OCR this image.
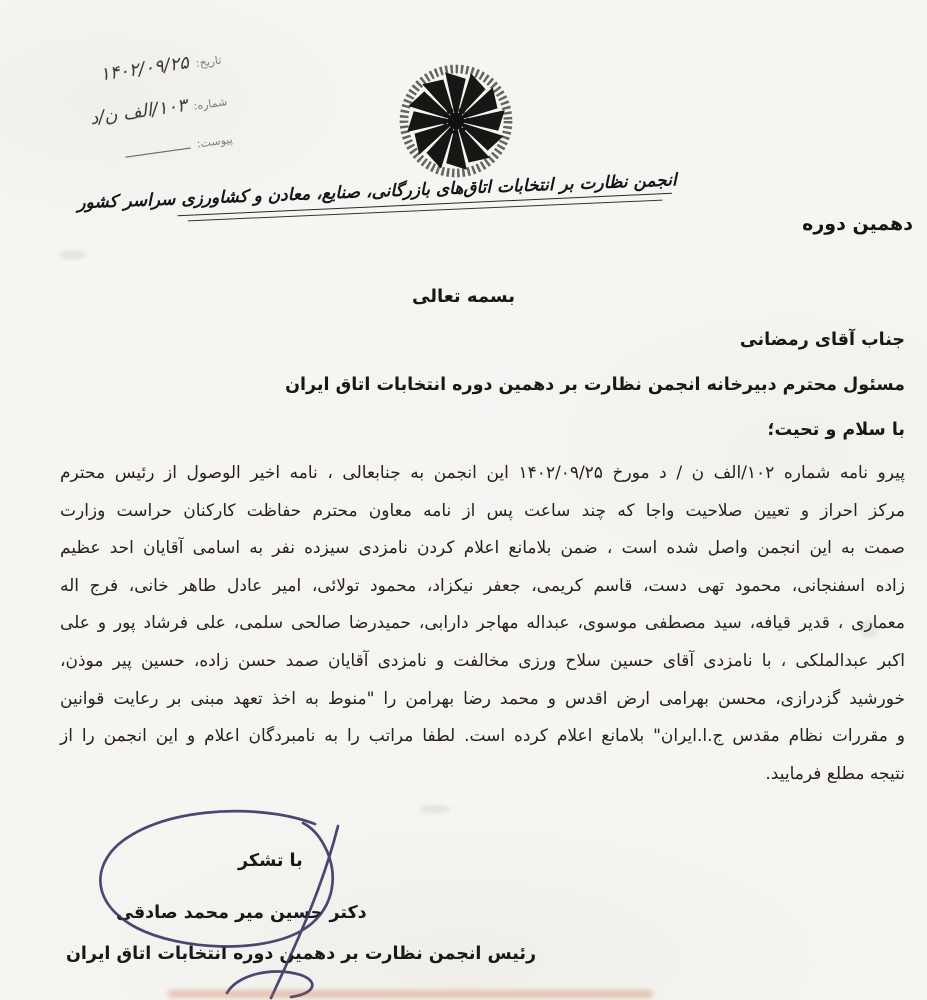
تاریخ:
۱۴۰۲/۰۹/۲۵
شماره:
۱۰۳/الف ن/د
پیوست:
ــــــــــــــــ
انجمن نظارت بر انتخابات اتاق‌های بازرگانی، صنایع، معادن و کشاورزی سراسر کشور
دهمین دوره
بسمه تعالی
جناب آقای رمضانی
مسئول محترم دبیرخانه انجمن نظارت بر دهمین دوره انتخابات اتاق ایران
با سلام و تحیت؛
پیرو نامه شماره ۱۰۲/الف ن / د مورخ ۱۴۰۲/۰۹/۲۵ این انجمن به جنابعالی ، نامه اخیر الوصول از رئیس محترم
مرکز احراز و تعیین صلاحیت واجا که چند ساعت پس از نامه معاون محترم حفاظت کارکنان حراست وزارت
صمت به این انجمن واصل شده است ، ضمن بلامانع اعلام کردن نامزدی سیزده نفر به اسامی آقایان احد عظیم
زاده اسفنجانی، محمود تهی دست، قاسم کریمی، جعفر نیکزاد، محمود تولائی، امیر عادل طاهر خانی، فرج اله
معماری ، قدیر قیافه، سید مصطفی موسوی، عبداله مهاجر دارابی، حمیدرضا صالحی سلمی، علی فرشاد پور و علی
اکبر عبدالملکی ، با نامزدی آقای حسین سلاح ورزی مخالفت و نامزدی آقایان صمد حسن زاده، حسین پیر موذن،
خورشید گزدرازی، محسن بهرامی ارض اقدس و محمد رضا بهرامن را "منوط به اخذ تعهد مبنی بر رعایت قوانین
و مقررات نظام مقدس ج.ا.ایران" بلامانع اعلام کرده است. لطفا مراتب را به نامبردگان اعلام و این انجمن را از
نتیجه مطلع فرمایید.
با تشکر
دکتر حسین میر محمد صادقی
رئیس انجمن نظارت بر دهمین دوره انتخابات اتاق ایران
